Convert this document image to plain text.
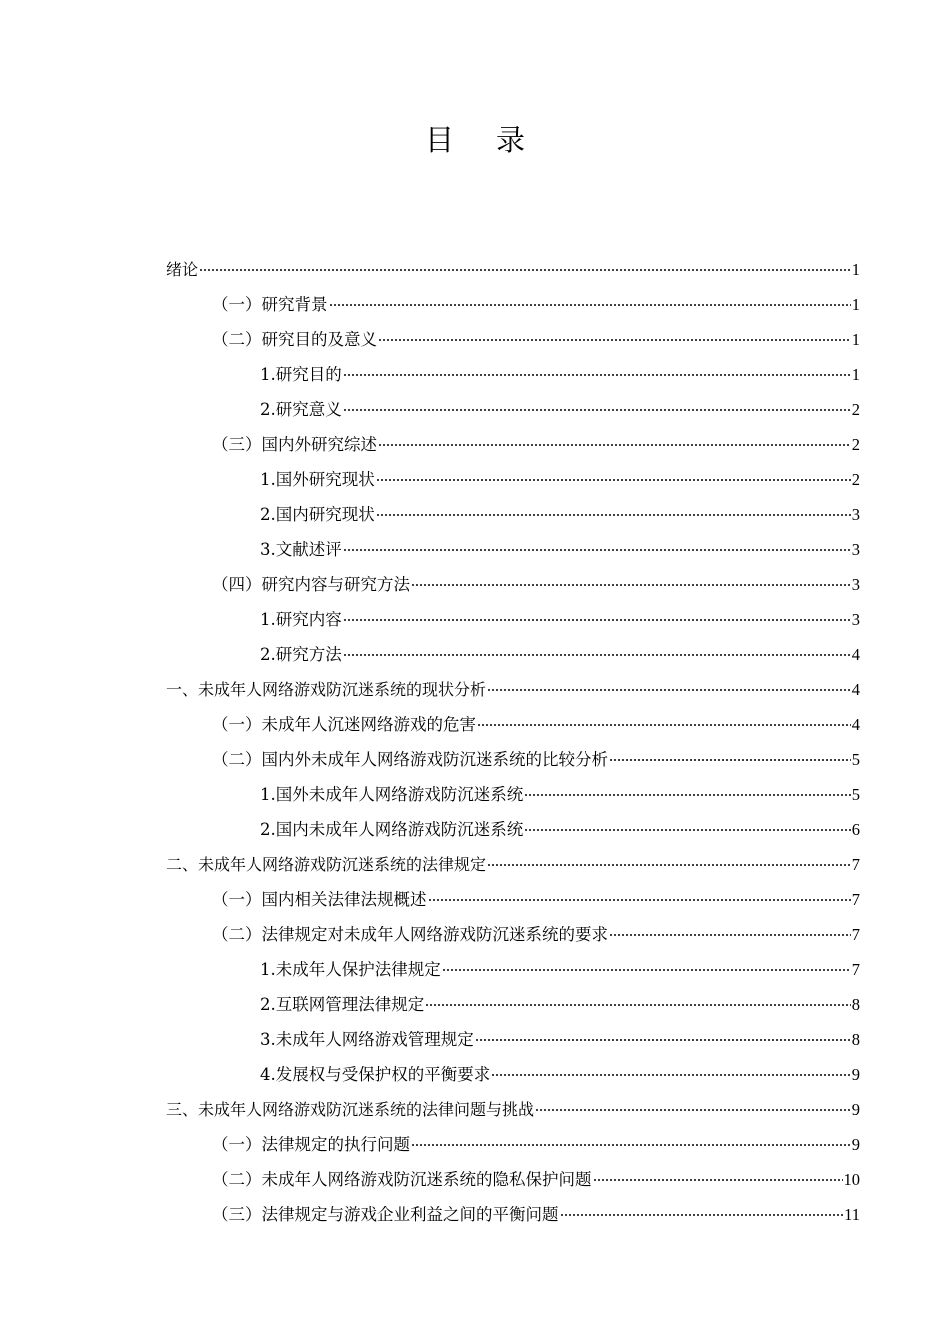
目 录
绪论	1
（一）研究背景	1
（二）研究目的及意义	1
1.研究目的	1
2.研究意义	2
（三）国内外研究综述	2
1.国外研究现状	2
2.国内研究现状	3
3.文献述评	3
（四）研究内容与研究方法	3
1.研究内容	3
2.研究方法	4
一、未成年人网络游戏防沉迷系统的现状分析	4
（一）未成年人沉迷网络游戏的危害	4
（二）国内外未成年人网络游戏防沉迷系统的比较分析	5
1.国外未成年人网络游戏防沉迷系统	5
2.国内未成年人网络游戏防沉迷系统	6
二、未成年人网络游戏防沉迷系统的法律规定	7
（一）国内相关法律法规概述	7
（二）法律规定对未成年人网络游戏防沉迷系统的要求	7
1.未成年人保护法律规定	7
2.互联网管理法律规定	8
3.未成年人网络游戏管理规定	8
4.发展权与受保护权的平衡要求	9
三、未成年人网络游戏防沉迷系统的法律问题与挑战	9
（一）法律规定的执行问题	9
（二）未成年人网络游戏防沉迷系统的隐私保护问题	10
（三）法律规定与游戏企业利益之间的平衡问题	11
